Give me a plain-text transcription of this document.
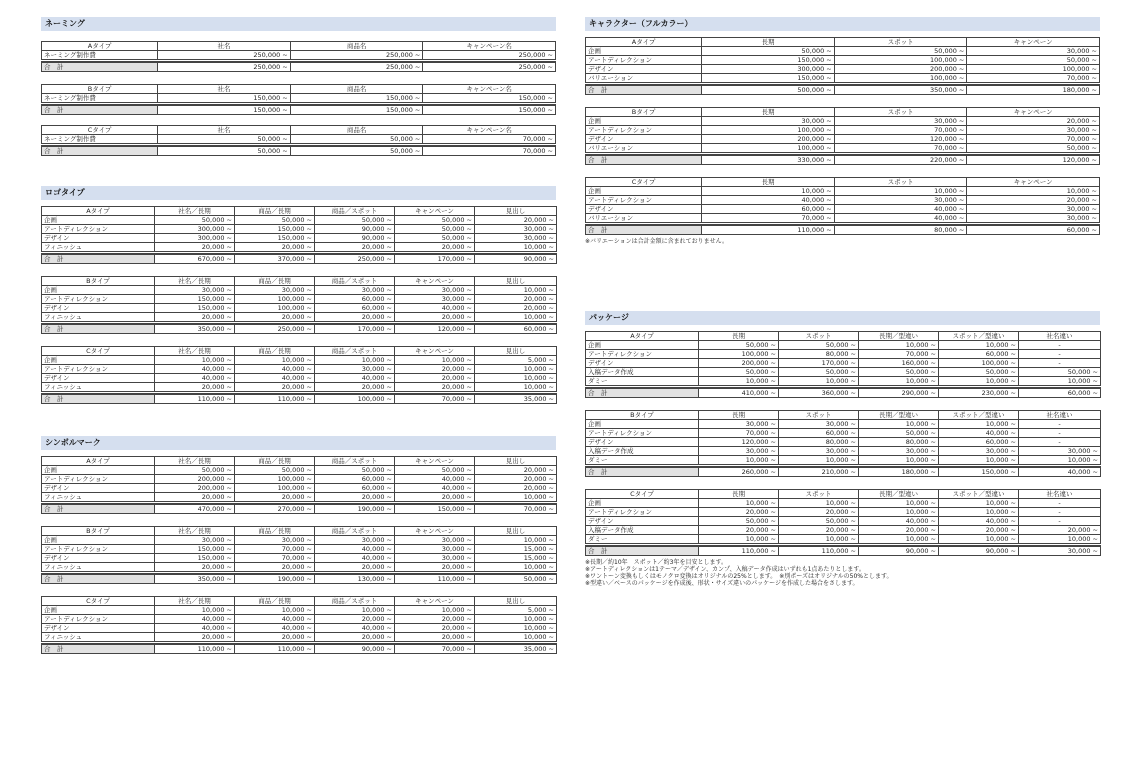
ネーミング
Aタイプ	社名	商品名	キャンペーン名
ネーミング制作費	250,000 ~	250,000 ~	250,000 ~

合　計	250,000 ~	250,000 ~	250,000 ~
Bタイプ	社名	商品名	キャンペーン名
ネーミング制作費	150,000 ~	150,000 ~	150,000 ~

合　計	150,000 ~	150,000 ~	150,000 ~
Cタイプ	社名	商品名	キャンペーン名
ネーミング制作費	50,000 ~	50,000 ~	70,000 ~

合　計	50,000 ~	50,000 ~	70,000 ~
ロゴタイプ
Aタイプ	社名／長期	商品／長期	商品／スポット	キャンペーン	見出し
企画	50,000 ~	50,000 ~	50,000 ~	50,000 ~	20,000 ~
アートディレクション	300,000 ~	150,000 ~	90,000 ~	50,000 ~	30,000 ~
デザイン	300,000 ~	150,000 ~	90,000 ~	50,000 ~	30,000 ~
フィニッシュ	20,000 ~	20,000 ~	20,000 ~	20,000 ~	10,000 ~

合　計	670,000 ~	370,000 ~	250,000 ~	170,000 ~	90,000 ~
Bタイプ	社名／長期	商品／長期	商品／スポット	キャンペーン	見出し
企画	30,000 ~	30,000 ~	30,000 ~	30,000 ~	10,000 ~
アートディレクション	150,000 ~	100,000 ~	60,000 ~	30,000 ~	20,000 ~
デザイン	150,000 ~	100,000 ~	60,000 ~	40,000 ~	20,000 ~
フィニッシュ	20,000 ~	20,000 ~	20,000 ~	20,000 ~	10,000 ~

合　計	350,000 ~	250,000 ~	170,000 ~	120,000 ~	60,000 ~
Cタイプ	社名／長期	商品／長期	商品／スポット	キャンペーン	見出し
企画	10,000 ~	10,000 ~	10,000 ~	10,000 ~	5,000 ~
アートディレクション	40,000 ~	40,000 ~	30,000 ~	20,000 ~	10,000 ~
デザイン	40,000 ~	40,000 ~	40,000 ~	20,000 ~	10,000 ~
フィニッシュ	20,000 ~	20,000 ~	20,000 ~	20,000 ~	10,000 ~

合　計	110,000 ~	110,000 ~	100,000 ~	70,000 ~	35,000 ~
シンボルマーク
Aタイプ	社名／長期	商品／長期	商品／スポット	キャンペーン	見出し
企画	50,000 ~	50,000 ~	50,000 ~	50,000 ~	20,000 ~
アートディレクション	200,000 ~	100,000 ~	60,000 ~	40,000 ~	20,000 ~
デザイン	200,000 ~	100,000 ~	60,000 ~	40,000 ~	20,000 ~
フィニッシュ	20,000 ~	20,000 ~	20,000 ~	20,000 ~	10,000 ~

合　計	470,000 ~	270,000 ~	190,000 ~	150,000 ~	70,000 ~
Bタイプ	社名／長期	商品／長期	商品／スポット	キャンペーン	見出し
企画	30,000 ~	30,000 ~	30,000 ~	30,000 ~	10,000 ~
アートディレクション	150,000 ~	70,000 ~	40,000 ~	30,000 ~	15,000 ~
デザイン	150,000 ~	70,000 ~	40,000 ~	30,000 ~	15,000 ~
フィニッシュ	20,000 ~	20,000 ~	20,000 ~	20,000 ~	10,000 ~

合　計	350,000 ~	190,000 ~	130,000 ~	110,000 ~	50,000 ~
Cタイプ	社名／長期	商品／長期	商品／スポット	キャンペーン	見出し
企画	10,000 ~	10,000 ~	10,000 ~	10,000 ~	5,000 ~
アートディレクション	40,000 ~	40,000 ~	20,000 ~	20,000 ~	10,000 ~
デザイン	40,000 ~	40,000 ~	40,000 ~	20,000 ~	10,000 ~
フィニッシュ	20,000 ~	20,000 ~	20,000 ~	20,000 ~	10,000 ~

合　計	110,000 ~	110,000 ~	90,000 ~	70,000 ~	35,000 ~
キャラクター（フルカラー）
Aタイプ	長期	スポット	キャンペーン
企画	50,000 ~	50,000 ~	30,000 ~
アートディレクション	150,000 ~	100,000 ~	50,000 ~
デザイン	300,000 ~	200,000 ~	100,000 ~
バリエーション	150,000 ~	100,000 ~	70,000 ~

合　計	500,000 ~	350,000 ~	180,000 ~
Bタイプ	長期	スポット	キャンペーン
企画	30,000 ~	30,000 ~	20,000 ~
アートディレクション	100,000 ~	70,000 ~	30,000 ~
デザイン	200,000 ~	120,000 ~	70,000 ~
バリエーション	100,000 ~	70,000 ~	50,000 ~

合　計	330,000 ~	220,000 ~	120,000 ~
Cタイプ	長期	スポット	キャンペーン
企画	10,000 ~	10,000 ~	10,000 ~
アートディレクション	40,000 ~	30,000 ~	20,000 ~
デザイン	60,000 ~	40,000 ~	30,000 ~
バリエーション	70,000 ~	40,000 ~	30,000 ~

合　計	110,000 ~	80,000 ~	60,000 ~
※バリエーションは合計金額に含まれておりません。
パッケージ
Aタイプ	長期	スポット	長期／型違い	スポット／型違い	社名違い
企画	50,000 ~	50,000 ~	10,000 ~	10,000 ~	-
アートディレクション	100,000 ~	80,000 ~	70,000 ~	60,000 ~	-
デザイン	200,000 ~	170,000 ~	160,000 ~	100,000 ~	-
入稿データ作成	50,000 ~	50,000 ~	50,000 ~	50,000 ~	50,000 ~
ダミー	10,000 ~	10,000 ~	10,000 ~	10,000 ~	10,000 ~

合　計	410,000 ~	360,000 ~	290,000 ~	230,000 ~	60,000 ~
Bタイプ	長期	スポット	長期／型違い	スポット／型違い	社名違い
企画	30,000 ~	30,000 ~	10,000 ~	10,000 ~	-
アートディレクション	70,000 ~	60,000 ~	50,000 ~	40,000 ~	-
デザイン	120,000 ~	80,000 ~	80,000 ~	60,000 ~	-
入稿データ作成	30,000 ~	30,000 ~	30,000 ~	30,000 ~	30,000 ~
ダミー	10,000 ~	10,000 ~	10,000 ~	10,000 ~	10,000 ~

合　計	260,000 ~	210,000 ~	180,000 ~	150,000 ~	40,000 ~
Cタイプ	長期	スポット	長期／型違い	スポット／型違い	社名違い
企画	10,000 ~	10,000 ~	10,000 ~	10,000 ~	-
アートディレクション	20,000 ~	20,000 ~	10,000 ~	10,000 ~	-
デザイン	50,000 ~	50,000 ~	40,000 ~	40,000 ~	-
入稿データ作成	20,000 ~	20,000 ~	20,000 ~	20,000 ~	20,000 ~
ダミー	10,000 ~	10,000 ~	10,000 ~	10,000 ~	10,000 ~

合　計	110,000 ~	110,000 ~	90,000 ~	90,000 ~	30,000 ~
※長期／約10年　スポット／約3年を目安とします。
※アートディレクションは1テーマ／デザイン、カンプ、入稿データ作成はいずれも1点あたりとします。
※ワントーン変換もしくはモノクロ変換はオリジナルの25%とします。　※別ポーズはオリジナルの50%とします。
※型違い／ベースのパッケージを作成後、形状・サイズ違いのパッケージを作成した場合をさします。
